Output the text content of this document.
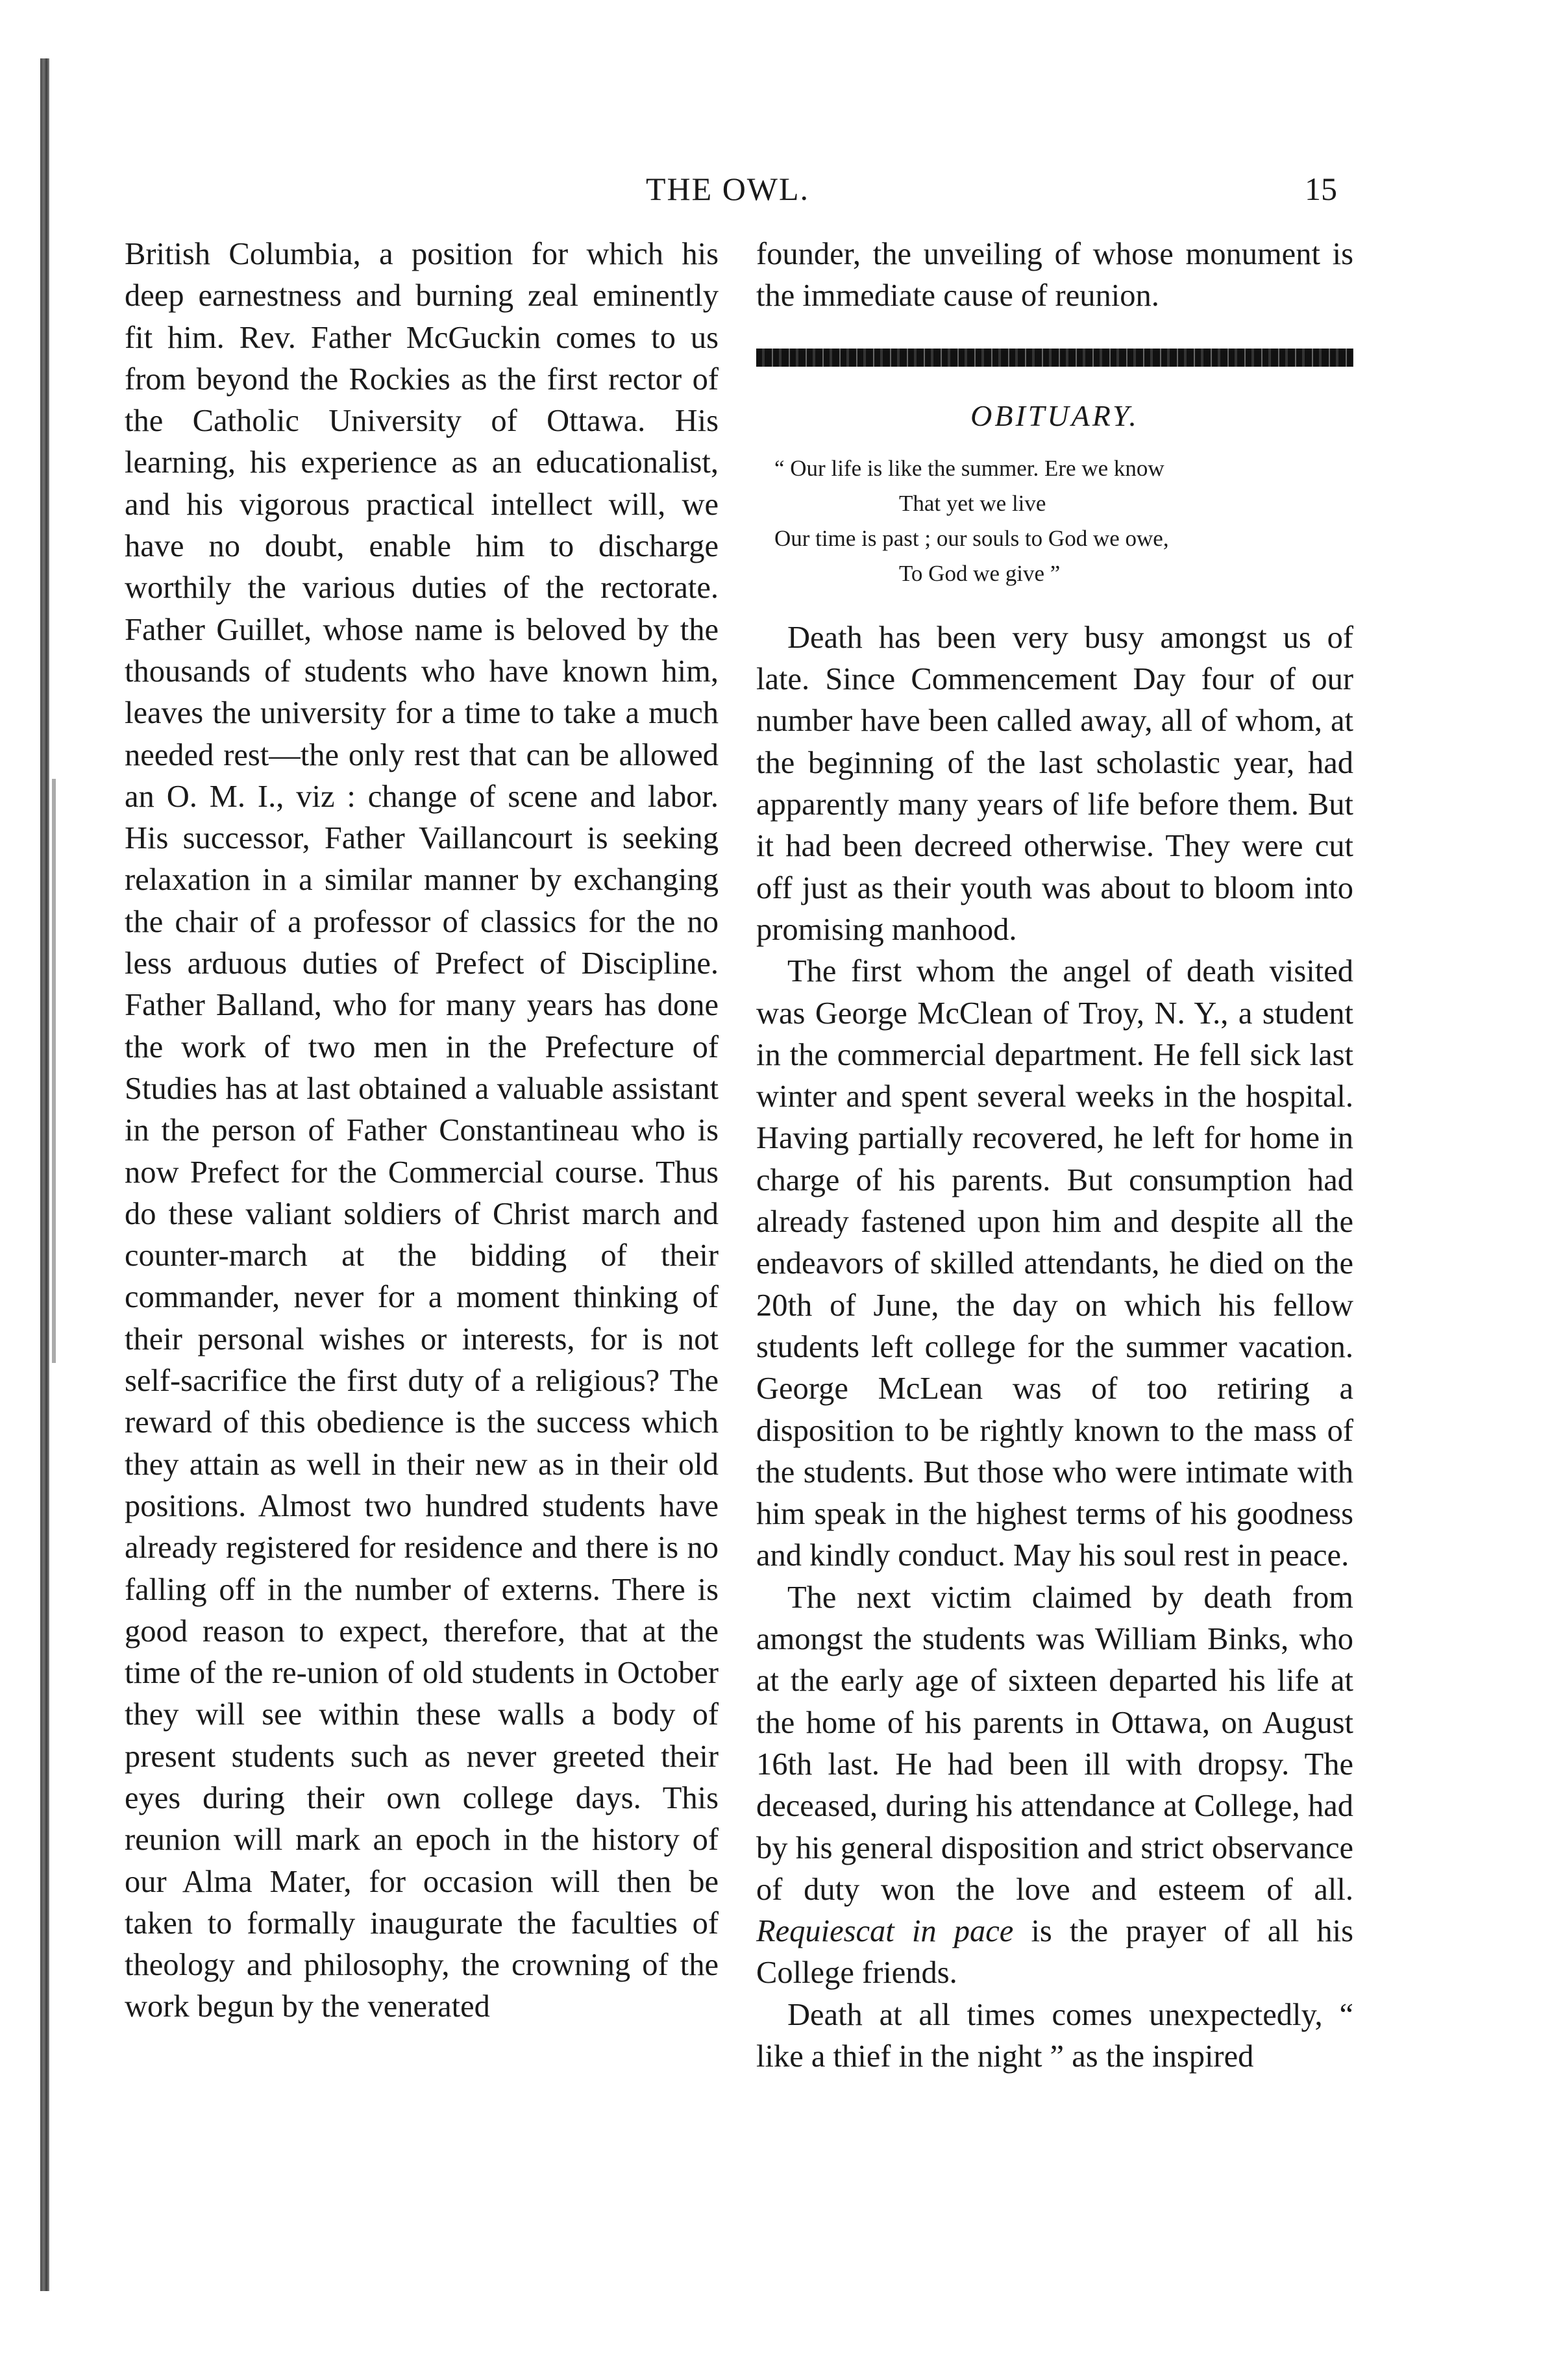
THE OWL.	15

British Columbia, a position for which his deep earnestness and burning zeal eminently fit him. Rev. Father McGuckin comes to us from beyond the Rockies as the first rector of the Catholic University of Ottawa. His learning, his experience as an educationalist, and his vigorous practical intellect will, we have no doubt, enable him to discharge worthily the various duties of the rectorate. Father Guillet, whose name is beloved by the thousands of students who have known him, leaves the university for a time to take a much needed rest—the only rest that can be allowed an O. M. I., viz : change of scene and labor. His successor, Father Vaillancourt is seeking relaxation in a similar manner by exchanging the chair of a professor of classics for the no less arduous duties of Prefect of Discipline. Father Balland, who for many years has done the work of two men in the Prefecture of Studies has at last obtained a valuable assistant in the person of Father Constantineau who is now Prefect for the Commercial course. Thus do these valiant soldiers of Christ march and counter-march at the bidding of their commander, never for a moment thinking of their personal wishes or interests, for is not self-sacrifice the first duty of a religious? The reward of this obedience is the success which they attain as well in their new as in their old positions. Almost two hundred students have already registered for residence and there is no falling off in the number of externs. There is good reason to expect, therefore, that at the time of the re-union of old students in October they will see within these walls a body of present students such as never greeted their eyes during their own college days. This reunion will mark an epoch in the history of our Alma Mater, for occasion will then be taken to formally inaugurate the faculties of theology and philosophy, the crowning of the work begun by the venerated

founder, the unveiling of whose monument is the immediate cause of reunion.

OBITUARY.
“ Our life is like the summer. Ere we know
That yet we live
Our time is past ; our souls to God we owe,
To God we give ”

Death has been very busy amongst us of late. Since Commencement Day four of our number have been called away, all of whom, at the beginning of the last scholastic year, had apparently many years of life before them. But it had been decreed otherwise. They were cut off just as their youth was about to bloom into promising manhood.

The first whom the angel of death visited was George McClean of Troy, N. Y., a student in the commercial department. He fell sick last winter and spent several weeks in the hospital. Having partially recovered, he left for home in charge of his parents. But consumption had already fastened upon him and despite all the endeavors of skilled attendants, he died on the 20th of June, the day on which his fellow students left college for the summer vacation. George McLean was of too retiring a disposition to be rightly known to the mass of the students. But those who were intimate with him speak in the highest terms of his goodness and kindly conduct. May his soul rest in peace.

The next victim claimed by death from amongst the students was William Binks, who at the early age of sixteen departed his life at the home of his parents in Ottawa, on August 16th last. He had been ill with dropsy. The deceased, during his attendance at College, had by his general disposition and strict observance of duty won the love and esteem of all. Requiescat in pace is the prayer of all his College friends.

Death at all times comes unexpectedly, “ like a thief in the night ” as the inspired
